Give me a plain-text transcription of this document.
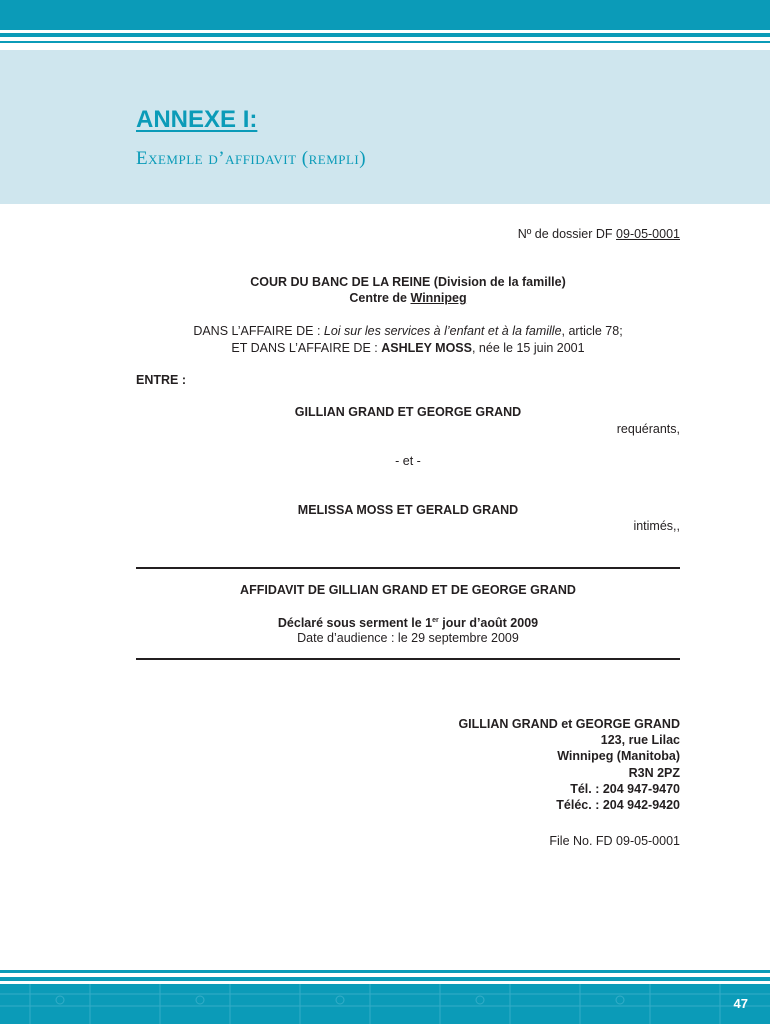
ANNEXE I:
Exemple d’affidavit (rempli)
Nº de dossier DF 09-05-0001
COUR DU BANC DE LA REINE (Division de la famille)
Centre de Winnipeg
DANS L’AFFAIRE DE : Loi sur les services à l’enfant et à la famille, article 78;
ET DANS L’AFFAIRE DE : ASHLEY MOSS, née le 15 juin 2001
ENTRE :
GILLIAN GRAND ET GEORGE GRAND
requérants,
- et -
MELISSA MOSS ET GERALD GRAND
intimés,,
AFFIDAVIT DE GILLIAN GRAND ET DE GEORGE GRAND
Déclaré sous serment le 1er jour d’août 2009
Date d’audience : le 29 septembre 2009
GILLIAN GRAND et GEORGE GRAND
123, rue Lilac
Winnipeg (Manitoba)
R3N 2PZ
Tél. : 204 947-9470
Téléc. : 204 942-9420
File No. FD 09-05-0001
47
